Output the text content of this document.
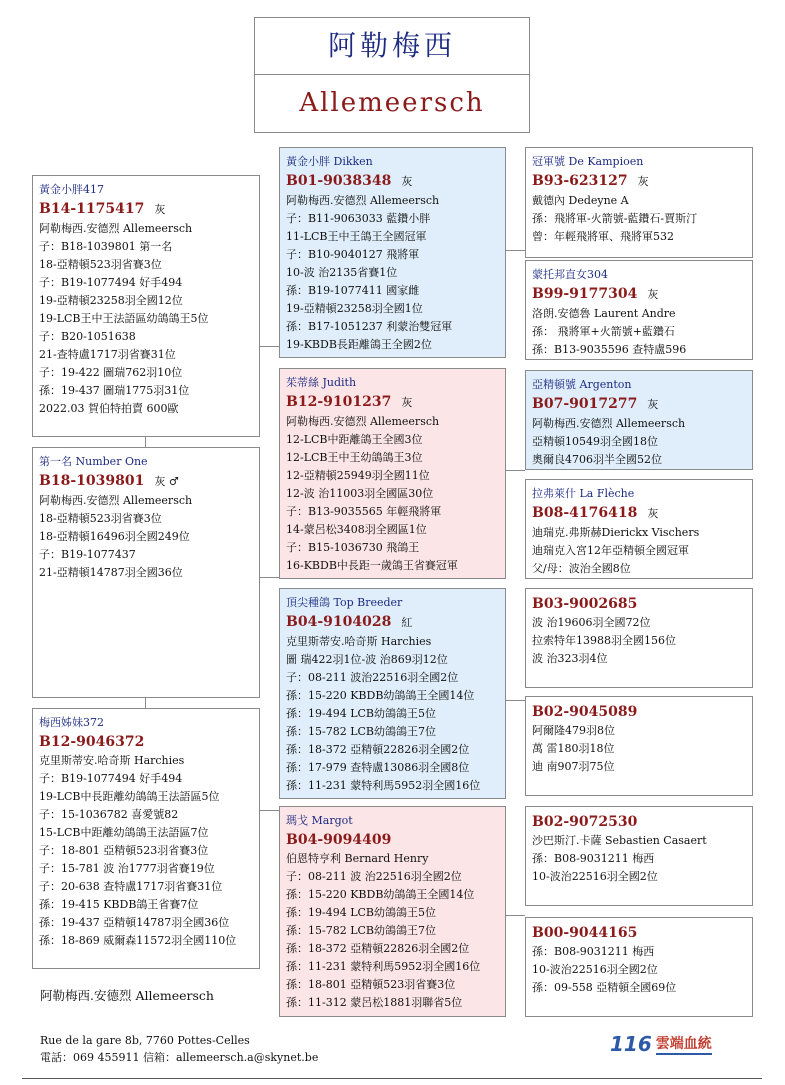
阿勒梅西
Allemeersch
黃金小胖417
B14-1175417 灰
阿勒梅西.安德烈 Allemeersch
子：B18-1039801 第一名
18-亞精頓523羽省賽3位
子：B19-1077494 好手494
19-亞精頓23258羽全國12位
19-LCB王中王法語區幼鴿鴿王5位
子：B20-1051638
21-查特盧1717羽省賽31位
子：19-422 圖瑞762羽10位
孫：19-437 圖瑞1775羽31位
2022.03 賀伯特拍賣 600歐
第一名 Number One
B18-1039801 灰 ♂
阿勒梅西.安德烈 Allemeersch
18-亞精頓523羽省賽3位
18-亞精頓16496羽全國249位
子：B19-1077437
21-亞精頓14787羽全國36位
梅西姊妹372
B12-9046372
克里斯蒂安.哈奇斯 Harchies
子：B19-1077494 好手494
19-LCB中長距離幼鴿鴿王法語區5位
子：15-1036782 喜愛號82
15-LCB中距離幼鴿鴿王法語區7位
子：18-801 亞精頓523羽省賽3位
子：15-781 波 治1777羽省賽19位
子：20-638 查特盧1717羽省賽31位
孫：19-415 KBDB鴿王省賽7位
孫：19-437 亞精頓14787羽全國36位
孫：18-869 威爾森11572羽全國110位
黃金小胖 Dikken
B01-9038348 灰
阿勒梅西.安德烈 Allemeersch
子：B11-9063033 藍鑽小胖
11-LCB王中王鴿王全國冠軍
子：B10-9040127 飛將軍
10-波 治2135省賽1位
孫：B19-1077411 國家雌
19-亞精頓23258羽全國1位
孫：B17-1051237 利蒙治雙冠軍
19-KBDB長距離鴿王全國2位
茱蒂絲 Judith
B12-9101237 灰
阿勒梅西.安德烈 Allemeersch
12-LCB中距離鴿王全國3位
12-LCB王中王幼鴿鴿王3位
12-亞精頓25949羽全國11位
12-波 治11003羽全國區30位
子：B13-9035565 年輕飛將軍
14-蒙呂松3408羽全國區1位
子：B15-1036730 飛鴿王
16-KBDB中長距一歲鴿王省賽冠軍
頂尖種鴿 Top Breeder
B04-9104028 紅
克里斯蒂安.哈奇斯 Harchies
圖 瑞422羽1位-波 治869羽12位
子：08-211 波治22516羽全國2位
孫：15-220 KBDB幼鴿鴿王全國14位
孫：19-494 LCB幼鴿鴿王5位
孫：15-782 LCB幼鴿鴿王7位
孫：18-372 亞精頓22826羽全國2位
孫：17-979 查特盧13086羽全國8位
孫：11-231 蒙特利馬5952羽全國16位
瑪戈 Margot
B04-9094409
伯恩特亨利 Bernard Henry
子：08-211 波 治22516羽全國2位
孫：15-220 KBDB幼鴿鴿王全國14位
孫：19-494 LCB幼鴿鴿王5位
孫：15-782 LCB幼鴿鴿王7位
孫：18-372 亞精頓22826羽全國2位
孫：11-231 蒙特利馬5952羽全國16位
孫：18-801 亞精頓523羽省賽3位
孫：11-312 蒙呂松1881羽聯省5位
冠軍號 De Kampioen
B93-623127 灰
戴德內 Dedeyne A
孫：飛將軍-火箭號-藍鑽石-賈斯汀
曾：年輕飛將軍、飛將軍532
蒙托邦直女304
B99-9177304 灰
洛朗.安德魯 Laurent Andre
孫： 飛將軍+火箭號+藍鑽石
孫：B13-9035596 查特盧596
亞精頓號 Argenton
B07-9017277 灰
阿勒梅西.安德烈 Allemeersch
亞精頓10549羽全國18位
奧爾良4706羽半全國52位
拉弗萊什 La Flèche
B08-4176418 灰
迪瑞克.弗斯赫Dierickx Vischers
迪瑞克入宮12年亞精頓全國冠軍
父/母：波治全國8位
B03-9002685
波 治19606羽全國72位
拉索特年13988羽全國156位
波 治323羽4位
B02-9045089
阿爾隆479羽8位
萬 雷180羽18位
迪 南907羽75位
B02-9072530
沙巴斯汀.卡薩 Sebastien Casaert
孫：B08-9031211 梅西
10-波治22516羽全國2位
B00-9044165
孫：B08-9031211 梅西
10-波治22516羽全國2位
孫：09-558 亞精頓全國69位
阿勒梅西.安德烈 Allemeersch
Rue de la gare 8b, 7760 Pottes-Celles
電話：069 455911 信箱：allemeersch.a@skynet.be
116 雲端血統
